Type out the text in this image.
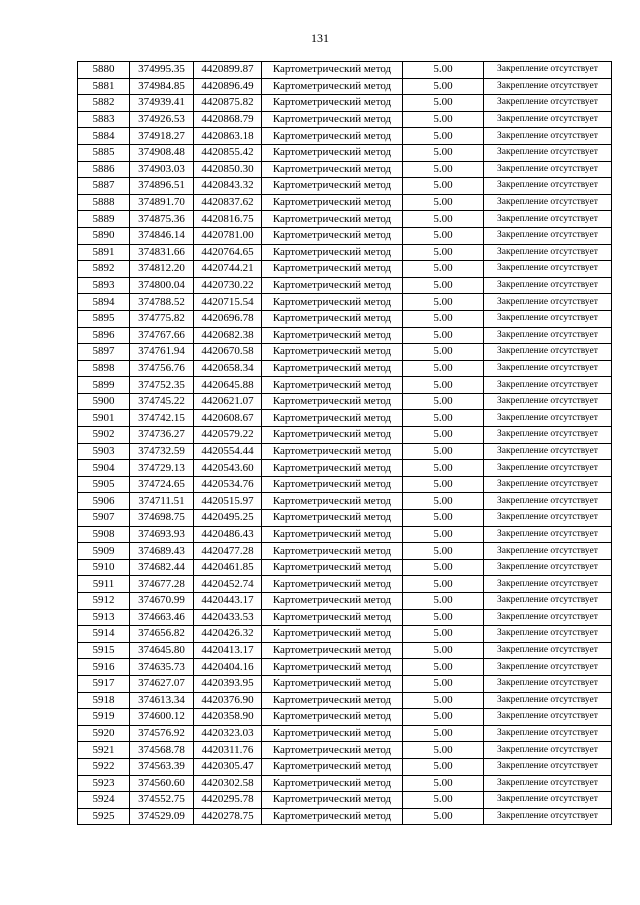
131
5880	374995.35	4420899.87	Картометрический метод	5.00	Закрепление отсутствует
5881	374984.85	4420896.49	Картометрический метод	5.00	Закрепление отсутствует
5882	374939.41	4420875.82	Картометрический метод	5.00	Закрепление отсутствует
5883	374926.53	4420868.79	Картометрический метод	5.00	Закрепление отсутствует
5884	374918.27	4420863.18	Картометрический метод	5.00	Закрепление отсутствует
5885	374908.48	4420855.42	Картометрический метод	5.00	Закрепление отсутствует
5886	374903.03	4420850.30	Картометрический метод	5.00	Закрепление отсутствует
5887	374896.51	4420843.32	Картометрический метод	5.00	Закрепление отсутствует
5888	374891.70	4420837.62	Картометрический метод	5.00	Закрепление отсутствует
5889	374875.36	4420816.75	Картометрический метод	5.00	Закрепление отсутствует
5890	374846.14	4420781.00	Картометрический метод	5.00	Закрепление отсутствует
5891	374831.66	4420764.65	Картометрический метод	5.00	Закрепление отсутствует
5892	374812.20	4420744.21	Картометрический метод	5.00	Закрепление отсутствует
5893	374800.04	4420730.22	Картометрический метод	5.00	Закрепление отсутствует
5894	374788.52	4420715.54	Картометрический метод	5.00	Закрепление отсутствует
5895	374775.82	4420696.78	Картометрический метод	5.00	Закрепление отсутствует
5896	374767.66	4420682.38	Картометрический метод	5.00	Закрепление отсутствует
5897	374761.94	4420670.58	Картометрический метод	5.00	Закрепление отсутствует
5898	374756.76	4420658.34	Картометрический метод	5.00	Закрепление отсутствует
5899	374752.35	4420645.88	Картометрический метод	5.00	Закрепление отсутствует
5900	374745.22	4420621.07	Картометрический метод	5.00	Закрепление отсутствует
5901	374742.15	4420608.67	Картометрический метод	5.00	Закрепление отсутствует
5902	374736.27	4420579.22	Картометрический метод	5.00	Закрепление отсутствует
5903	374732.59	4420554.44	Картометрический метод	5.00	Закрепление отсутствует
5904	374729.13	4420543.60	Картометрический метод	5.00	Закрепление отсутствует
5905	374724.65	4420534.76	Картометрический метод	5.00	Закрепление отсутствует
5906	374711.51	4420515.97	Картометрический метод	5.00	Закрепление отсутствует
5907	374698.75	4420495.25	Картометрический метод	5.00	Закрепление отсутствует
5908	374693.93	4420486.43	Картометрический метод	5.00	Закрепление отсутствует
5909	374689.43	4420477.28	Картометрический метод	5.00	Закрепление отсутствует
5910	374682.44	4420461.85	Картометрический метод	5.00	Закрепление отсутствует
5911	374677.28	4420452.74	Картометрический метод	5.00	Закрепление отсутствует
5912	374670.99	4420443.17	Картометрический метод	5.00	Закрепление отсутствует
5913	374663.46	4420433.53	Картометрический метод	5.00	Закрепление отсутствует
5914	374656.82	4420426.32	Картометрический метод	5.00	Закрепление отсутствует
5915	374645.80	4420413.17	Картометрический метод	5.00	Закрепление отсутствует
5916	374635.73	4420404.16	Картометрический метод	5.00	Закрепление отсутствует
5917	374627.07	4420393.95	Картометрический метод	5.00	Закрепление отсутствует
5918	374613.34	4420376.90	Картометрический метод	5.00	Закрепление отсутствует
5919	374600.12	4420358.90	Картометрический метод	5.00	Закрепление отсутствует
5920	374576.92	4420323.03	Картометрический метод	5.00	Закрепление отсутствует
5921	374568.78	4420311.76	Картометрический метод	5.00	Закрепление отсутствует
5922	374563.39	4420305.47	Картометрический метод	5.00	Закрепление отсутствует
5923	374560.60	4420302.58	Картометрический метод	5.00	Закрепление отсутствует
5924	374552.75	4420295.78	Картометрический метод	5.00	Закрепление отсутствует
5925	374529.09	4420278.75	Картометрический метод	5.00	Закрепление отсутствует
